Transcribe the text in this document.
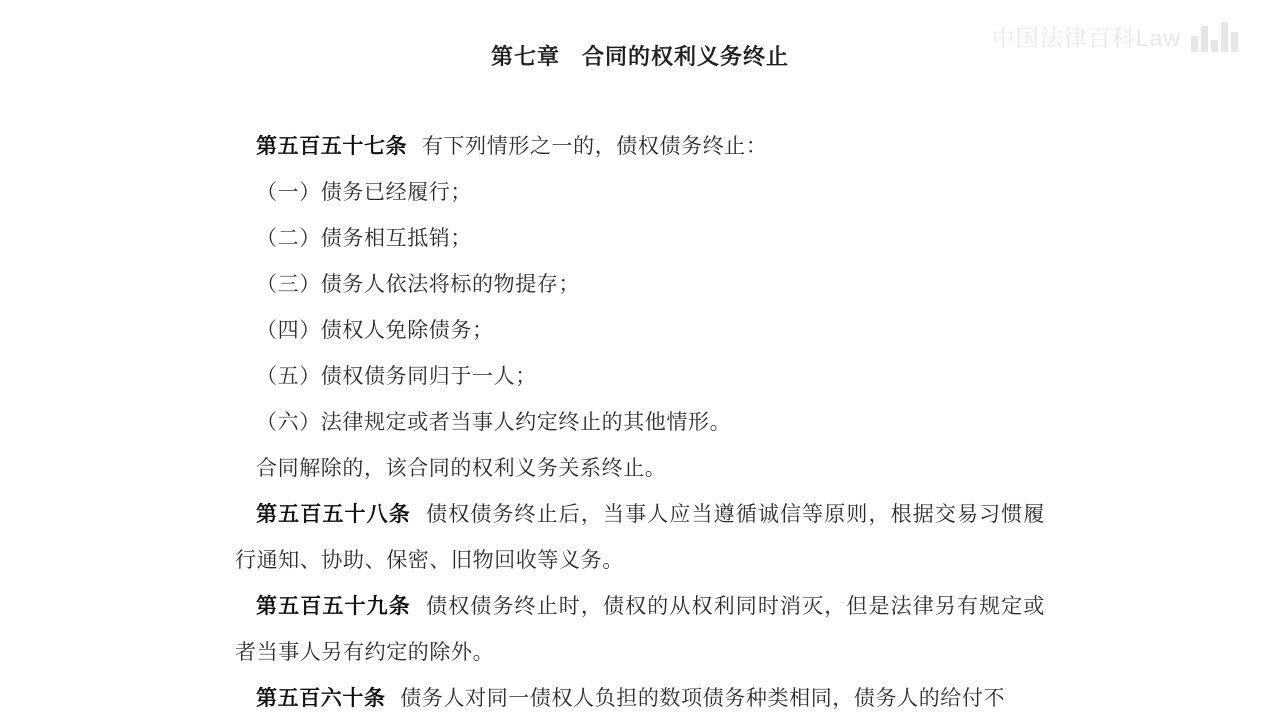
中国法律百科Law
第七章 合同的权利义务终止

第五百五十七条 有下列情形之一的，债权债务终止：

（一）债务已经履行；

（二）债务相互抵销；

（三）债务人依法将标的物提存；

（四）债权人免除债务；

（五）债权债务同归于一人；

（六）法律规定或者当事人约定终止的其他情形。

合同解除的，该合同的权利义务关系终止。

第五百五十八条 债权债务终止后，当事人应当遵循诚信等原则，根据交易习惯履行通知、协助、保密、旧物回收等义务。

第五百五十九条 债权债务终止时，债权的从权利同时消灭，但是法律另有规定或者当事人另有约定的除外。

第五百六十条 债务人对同一债权人负担的数项债务种类相同，债务人的给付不
